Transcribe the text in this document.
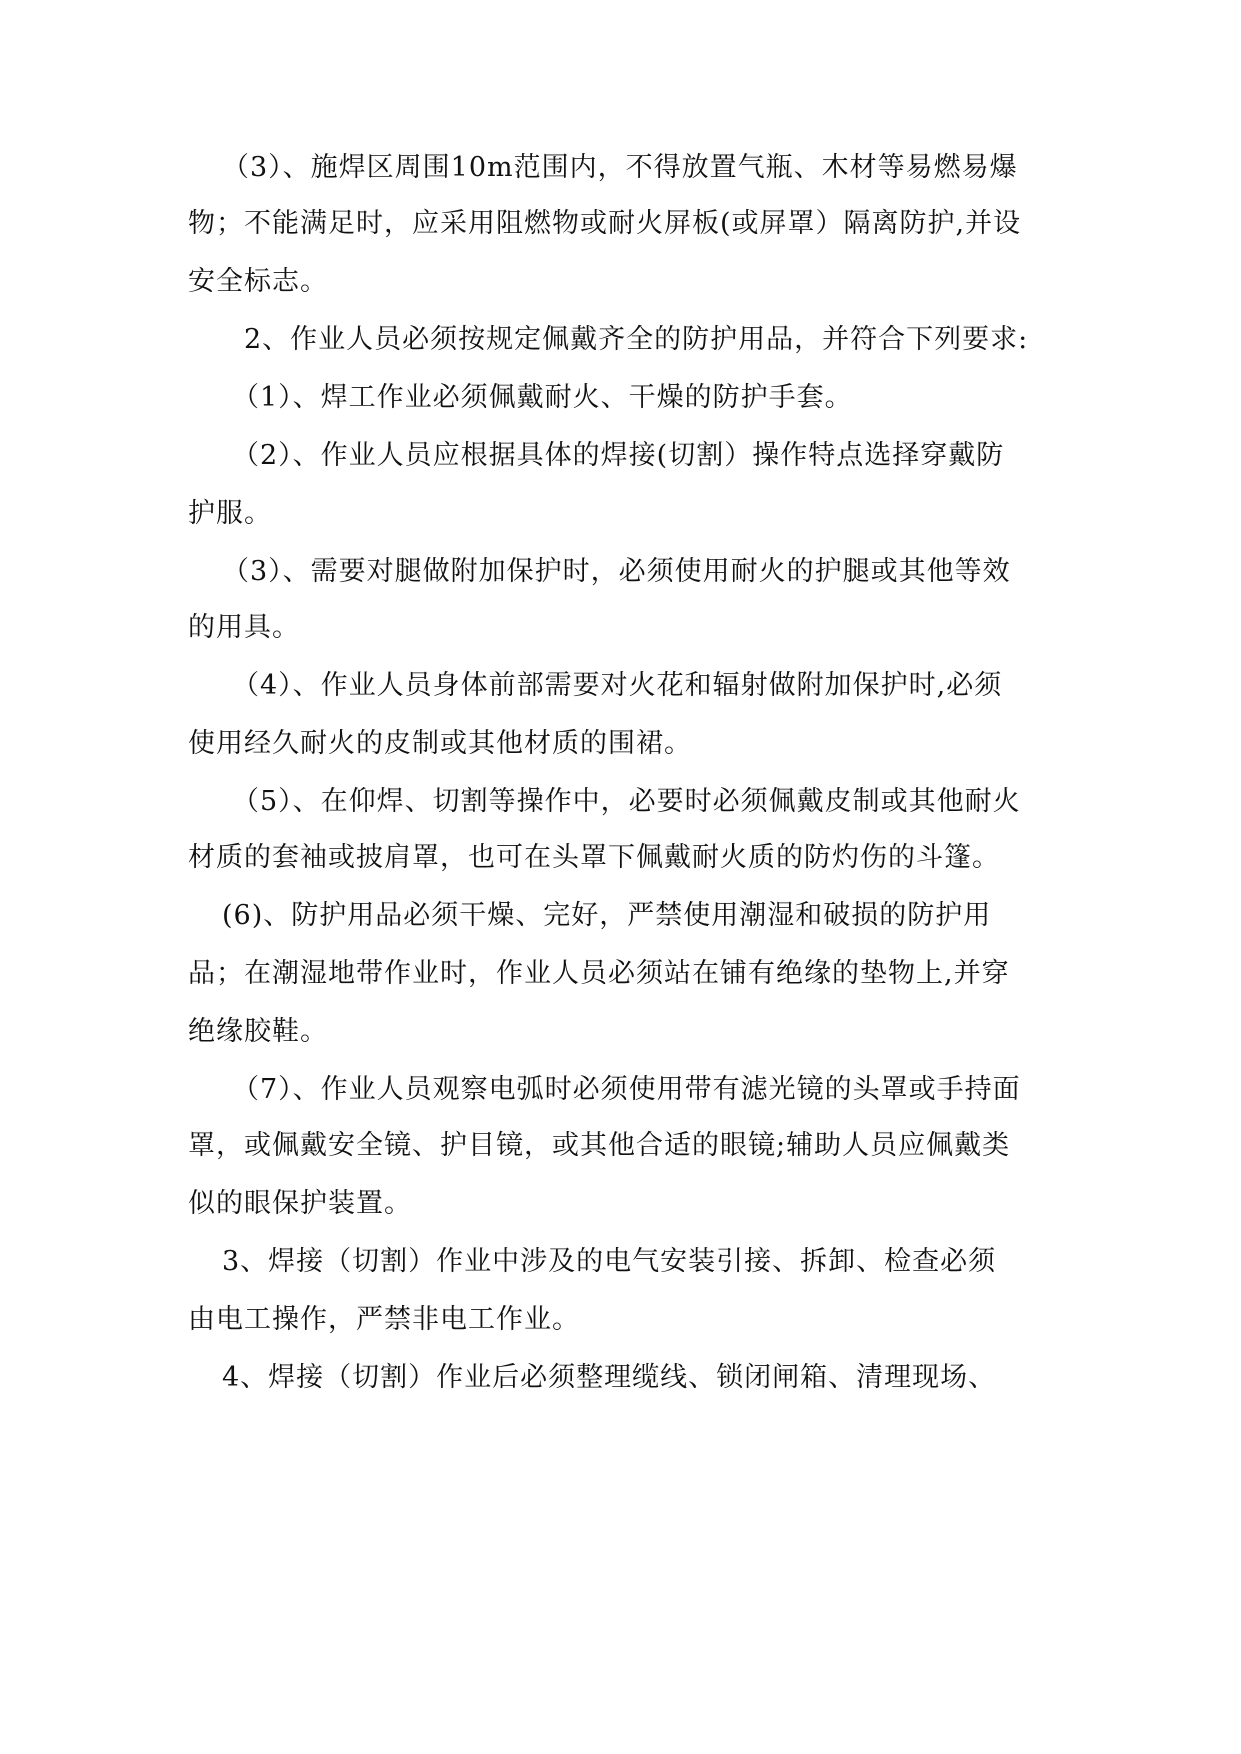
（3）、施焊区周围10m范围内，不得放置气瓶、木材等易燃易爆
物；不能满足时，应采用阻燃物或耐火屏板(或屏罩）隔离防护,并设
安全标志。
2、作业人员必须按规定佩戴齐全的防护用品，并符合下列要求:
（1）、焊工作业必须佩戴耐火、干燥的防护手套。
（2）、作业人员应根据具体的焊接(切割）操作特点选择穿戴防
护服。
（3）、需要对腿做附加保护时，必须使用耐火的护腿或其他等效
的用具。
（4）、作业人员身体前部需要对火花和辐射做附加保护时,必须
使用经久耐火的皮制或其他材质的围裙。
（5）、在仰焊、切割等操作中，必要时必须佩戴皮制或其他耐火
材质的套袖或披肩罩，也可在头罩下佩戴耐火质的防灼伤的斗篷。
(6)、防护用品必须干燥、完好，严禁使用潮湿和破损的防护用
品；在潮湿地带作业时，作业人员必须站在铺有绝缘的垫物上,并穿
绝缘胶鞋。
（7）、作业人员观察电弧时必须使用带有滤光镜的头罩或手持面
罩，或佩戴安全镜、护目镜，或其他合适的眼镜;辅助人员应佩戴类
似的眼保护装置。
3、焊接（切割）作业中涉及的电气安装引接、拆卸、检查必须
由电工操作，严禁非电工作业。
4、焊接（切割）作业后必须整理缆线、锁闭闸箱、清理现场、
